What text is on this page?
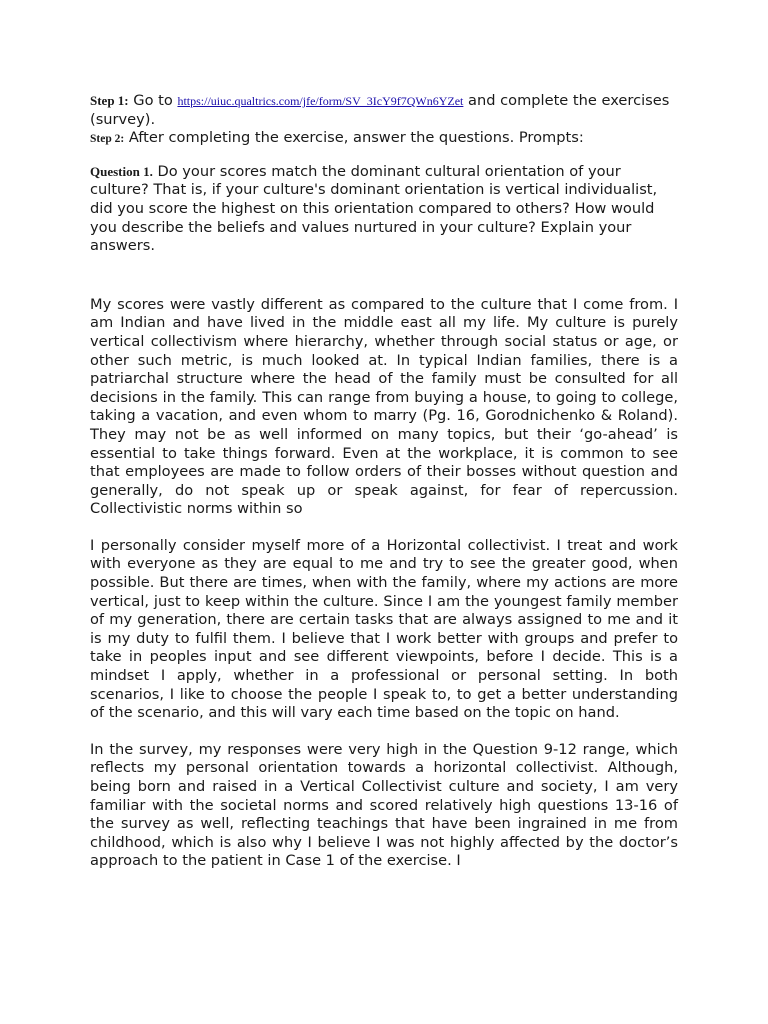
Step 1: Go to https://uiuc.qualtrics.com/jfe/form/SV_3IcY9f7QWn6YZet and complete the exercises (survey).

Step 2: After completing the exercise, answer the questions. Prompts:

Question 1. Do your scores match the dominant cultural orientation of your culture? That is, if your culture's dominant orientation is vertical individualist, did you score the highest on this orientation compared to others? How would you describe the beliefs and values nurtured in your culture? Explain your answers.

My scores were vastly different as compared to the culture that I come from. I am Indian and have lived in the middle east all my life. My culture is purely vertical collectivism where hierarchy, whether through social status or age, or other such metric, is much looked at. In typical Indian families, there is a patriarchal structure where the head of the family must be consulted for all decisions in the family. This can range from buying a house, to going to college, taking a vacation, and even whom to marry (Pg. 16, Gorodnichenko & Roland). They may not be as well informed on many topics, but their ‘go-ahead’ is essential to take things forward. Even at the workplace, it is common to see that employees are made to follow orders of their bosses without question and generally, do not speak up or speak against, for fear of repercussion. Collectivistic norms within so

I personally consider myself more of a Horizontal collectivist. I treat and work with everyone as they are equal to me and try to see the greater good, when possible. But there are times, when with the family, where my actions are more vertical, just to keep within the culture. Since I am the youngest family member of my generation, there are certain tasks that are always assigned to me and it is my duty to fulfil them. I believe that I work better with groups and prefer to take in peoples input and see different viewpoints, before I decide. This is a mindset I apply, whether in a professional or personal setting. In both scenarios, I like to choose the people I speak to, to get a better understanding of the scenario, and this will vary each time based on the topic on hand.

In the survey, my responses were very high in the Question 9-12 range, which reflects my personal orientation towards a horizontal collectivist. Although, being born and raised in a Vertical Collectivist culture and society, I am very familiar with the societal norms and scored relatively high questions 13-16 of the survey as well, reflecting teachings that have been ingrained in me from childhood, which is also why I believe I was not highly affected by the doctor’s approach to the patient in Case 1 of the exercise. I
